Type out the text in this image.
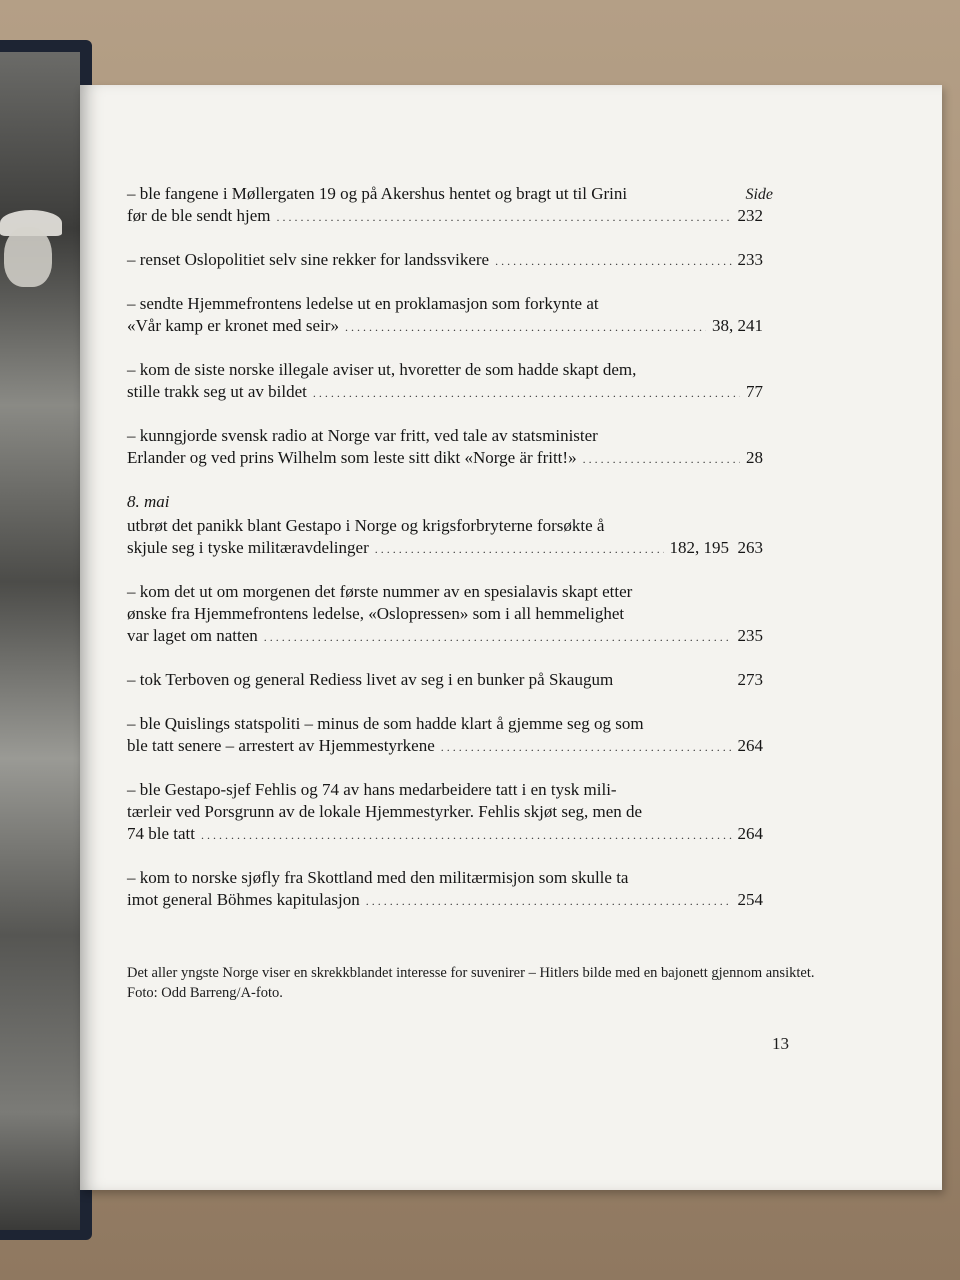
Side
– ble fangene i Møllergaten 19 og på Akershus hentet og bragt ut til Grini
før de ble sendt hjem . . .	232
– renset Oslopolitiet selv sine rekker for landssvikere . . .	233
– sendte Hjemmefrontens ledelse ut en proklamasjon som forkynte at
«Vår kamp er kronet med seir» . . .	38, 241
– kom de siste norske illegale aviser ut, hvoretter de som hadde skapt dem,
stille trakk seg ut av bildet . . .	77
– kunngjorde svensk radio at Norge var fritt, ved tale av statsminister
Erlander og ved prins Wilhelm som leste sitt dikt «Norge är fritt!» . . .	28
8. mai
utbrøt det panikk blant Gestapo i Norge og krigsforbryterne forsøkte å
skjule seg i tyske militæravdelinger . . .	182, 195  263
– kom det ut om morgenen det første nummer av en spesialavis skapt etter
ønske fra Hjemmefrontens ledelse, «Oslopressen» som i all hemmelighet
var laget om natten . . .	235
– tok Terboven og general Rediess livet av seg i en bunker på Skaugum	273
– ble Quislings statspoliti – minus de som hadde klart å gjemme seg og som
ble tatt senere – arrestert av Hjemmestyrkene . . .	264
– ble Gestapo-sjef Fehlis og 74 av hans medarbeidere tatt i en tysk mili-
tærleir ved Porsgrunn av de lokale Hjemmestyrker. Fehlis skjøt seg, men de
74 ble tatt . . .	264
– kom to norske sjøfly fra Skottland med den militærmisjon som skulle ta
imot general Böhmes kapitulasjon . . .	254
Det aller yngste Norge viser en skrekkblandet interesse for suvenirer – Hitlers bilde med en bajonett gjennom ansiktet. Foto: Odd Barreng/A-foto.
13
